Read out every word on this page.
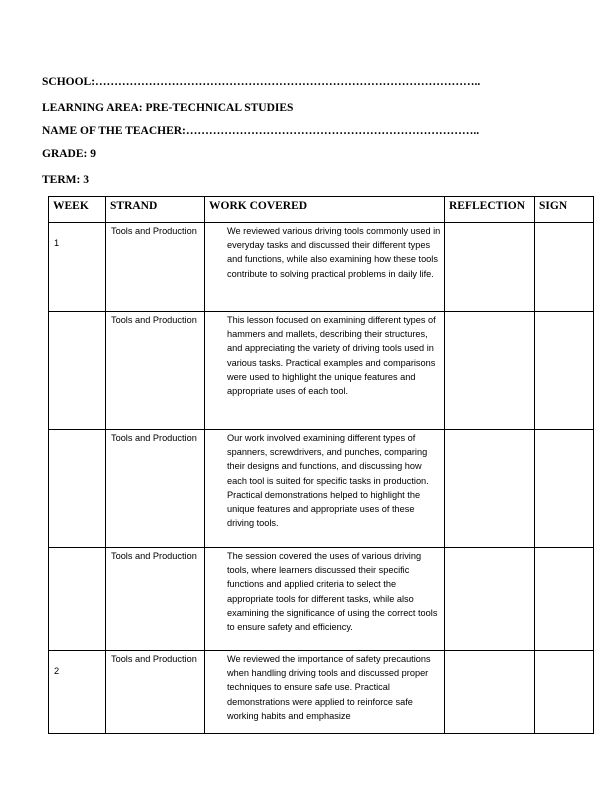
SCHOOL:………………………………………………………………………………………..
LEARNING AREA: PRE-TECHNICAL STUDIES
NAME OF THE TEACHER:…………………………………………………………………..
GRADE: 9
TERM: 3
WEEK	STRAND	WORK COVERED	REFLECTION	SIGN
1	Tools and Production	We reviewed various driving tools commonly used in everyday tasks and discussed their different types and functions, while also examining how these tools contribute to solving practical problems in daily life.		
	Tools and Production	This lesson focused on examining different types of hammers and mallets, describing their structures, and appreciating the variety of driving tools used in various tasks. Practical examples and comparisons were used to highlight the unique features and appropriate uses of each tool.		
	Tools and Production	Our work involved examining different types of spanners, screwdrivers, and punches, comparing their designs and functions, and discussing how each tool is suited for specific tasks in production. Practical demonstrations helped to highlight the unique features and appropriate uses of these driving tools.		
	Tools and Production	The session covered the uses of various driving tools, where learners discussed their specific functions and applied criteria to select the appropriate tools for different tasks, while also examining the significance of using the correct tools to ensure safety and efficiency.		
2	Tools and Production	We reviewed the importance of safety precautions when handling driving tools and discussed proper techniques to ensure safe use. Practical demonstrations were applied to reinforce safe working habits and emphasize		
